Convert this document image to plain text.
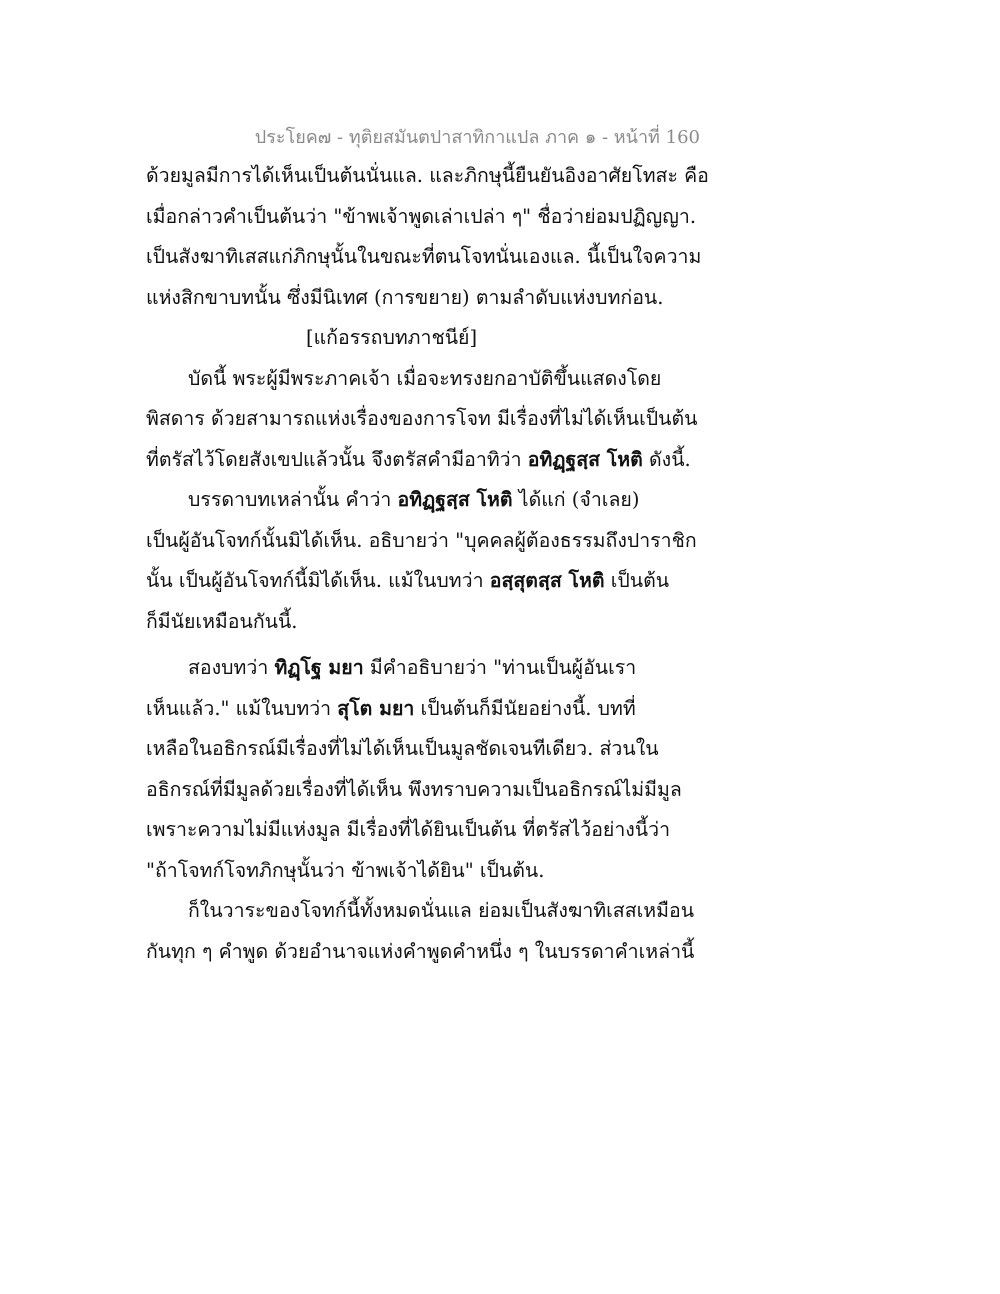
ประโยค๗ - ทุติยสมันตปาสาทิกาแปล ภาค ๑ - หน้าที่ 160
ด้วยมูลมีการได้เห็นเป็นต้นนั่นแล. และภิกษุนี้ยืนยันอิงอาศัยโทสะ คือ
เมื่อกล่าวคำเป็นต้นว่า "ข้าพเจ้าพูดเล่าเปล่า ๆ" ชื่อว่าย่อมปฏิญญา.
เป็นสังฆาทิเสสแก่ภิกษุนั้นในขณะที่ตนโจทนั่นเองแล. นี้เป็นใจความ
แห่งสิกขาบทนั้น ซึ่งมีนิเทศ (การขยาย) ตามลำดับแห่งบทก่อน.
[แก้อรรถบทภาชนีย์]
บัดนี้ พระผู้มีพระภาคเจ้า เมื่อจะทรงยกอาบัติขึ้นแสดงโดย
พิสดาร ด้วยสามารถแห่งเรื่องของการโจท มีเรื่องที่ไม่ได้เห็นเป็นต้น
ที่ตรัสไว้โดยสังเขปแล้วนั้น จึงตรัสคำมีอาทิว่า อทิฏฺฐสฺส โหติ ดังนี้.
บรรดาบทเหล่านั้น คำว่า อทิฏฺฐสฺส โหติ ได้แก่ (จำเลย)
เป็นผู้อันโจทก์นั้นมิได้เห็น. อธิบายว่า "บุคคลผู้ต้องธรรมถึงปาราชิก
นั้น เป็นผู้อันโจทก์นี้มิได้เห็น. แม้ในบทว่า อสฺสุตสฺส โหติ เป็นต้น
ก็มีนัยเหมือนกันนี้.
สองบทว่า ทิฏฺโฐ มยา มีคำอธิบายว่า "ท่านเป็นผู้อันเรา
เห็นแล้ว." แม้ในบทว่า สุโต มยา เป็นต้นก็มีนัยอย่างนี้. บทที่
เหลือในอธิกรณ์มีเรื่องที่ไม่ได้เห็นเป็นมูลชัดเจนทีเดียว. ส่วนใน
อธิกรณ์ที่มีมูลด้วยเรื่องที่ได้เห็น พึงทราบความเป็นอธิกรณ์ไม่มีมูล
เพราะความไม่มีแห่งมูล มีเรื่องที่ได้ยินเป็นต้น ที่ตรัสไว้อย่างนี้ว่า
"ถ้าโจทก์โจทภิกษุนั้นว่า ข้าพเจ้าได้ยิน" เป็นต้น.
ก็ในวาระของโจทก์นี้ทั้งหมดนั่นแล ย่อมเป็นสังฆาทิเสสเหมือน
กันทุก ๆ คำพูด ด้วยอำนาจแห่งคำพูดคำหนึ่ง ๆ ในบรรดาคำเหล่านี้
